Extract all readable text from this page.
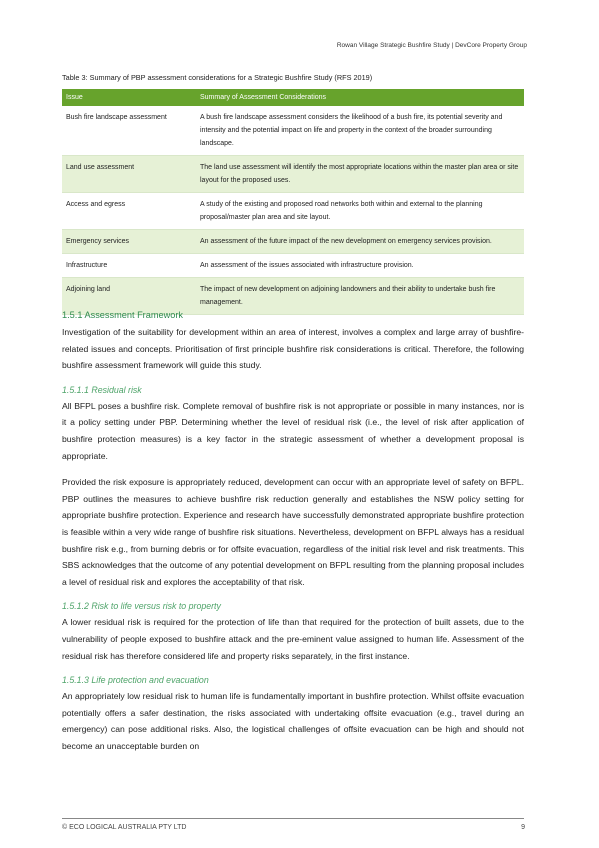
Rowan Village Strategic Bushfire Study | DevCore Property Group
Table 3: Summary of PBP assessment considerations for a Strategic Bushfire Study (RFS 2019)
Issue	Summary of Assessment Considerations
Bush fire landscape assessment	A bush fire landscape assessment considers the likelihood of a bush fire, its potential severity and intensity and the potential impact on life and property in the context of the broader surrounding landscape.
Land use assessment	The land use assessment will identify the most appropriate locations within the master plan area or site layout for the proposed uses.
Access and egress	A study of the existing and proposed road networks both within and external to the planning proposal/master plan area and site layout.
Emergency services	An assessment of the future impact of the new development on emergency services provision.
Infrastructure	An assessment of the issues associated with infrastructure provision.
Adjoining land	The impact of new development on adjoining landowners and their ability to undertake bush fire management.
1.5.1 Assessment Framework

Investigation of the suitability for development within an area of interest, involves a complex and large array of bushfire-related issues and concepts. Prioritisation of first principle bushfire risk considerations is critical. Therefore, the following bushfire assessment framework will guide this study.

1.5.1.1 Residual risk

All BFPL poses a bushfire risk. Complete removal of bushfire risk is not appropriate or possible in many instances, nor is it a policy setting under PBP. Determining whether the level of residual risk (i.e., the level of risk after application of bushfire protection measures) is a key factor in the strategic assessment of whether a development proposal is appropriate.

Provided the risk exposure is appropriately reduced, development can occur with an appropriate level of safety on BFPL. PBP outlines the measures to achieve bushfire risk reduction generally and establishes the NSW policy setting for appropriate bushfire protection. Experience and research have successfully demonstrated appropriate bushfire protection is feasible within a very wide range of bushfire risk situations. Nevertheless, development on BFPL always has a residual bushfire risk e.g., from burning debris or for offsite evacuation, regardless of the initial risk level and risk treatments. This SBS acknowledges that the outcome of any potential development on BFPL resulting from the planning proposal includes a level of residual risk and explores the acceptability of that risk.

1.5.1.2 Risk to life versus risk to property

A lower residual risk is required for the protection of life than that required for the protection of built assets, due to the vulnerability of people exposed to bushfire attack and the pre-eminent value assigned to human life. Assessment of the residual risk has therefore considered life and property risks separately, in the first instance.

1.5.1.3 Life protection and evacuation

An appropriately low residual risk to human life is fundamentally important in bushfire protection. Whilst offsite evacuation potentially offers a safer destination, the risks associated with undertaking offsite evacuation (e.g., travel during an emergency) can pose additional risks. Also, the logistical challenges of offsite evacuation can be high and should not become an unacceptable burden on

© ECO LOGICAL AUSTRALIA PTY LTD	9
